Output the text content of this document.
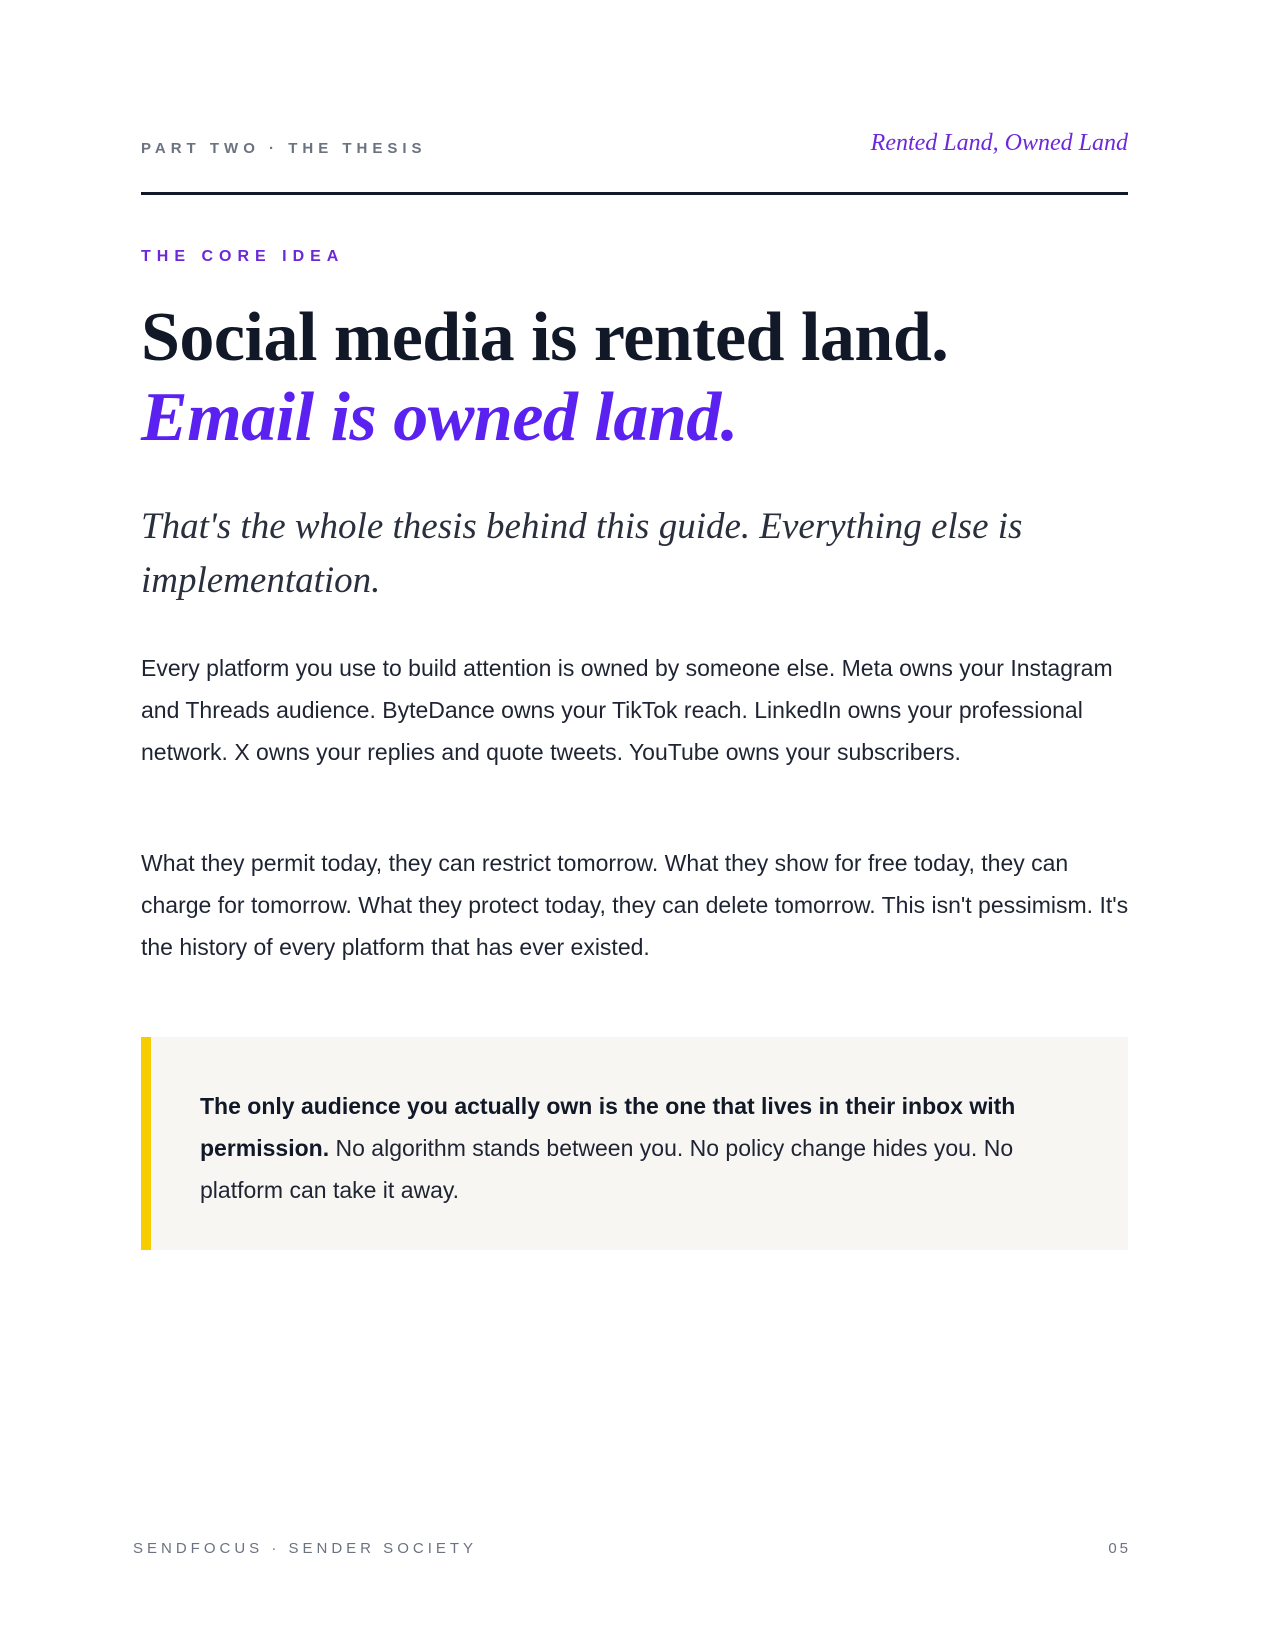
PART TWO · THE THESIS	Rented Land, Owned Land
THE CORE IDEA
Social media is rented land.
Email is owned land.
That's the whole thesis behind this guide. Everything else is implementation.

Every platform you use to build attention is owned by someone else. Meta owns your Instagram and Threads audience. ByteDance owns your TikTok reach. LinkedIn owns your professional network. X owns your replies and quote tweets. YouTube owns your subscribers.

What they permit today, they can restrict tomorrow. What they show for free today, they can charge for tomorrow. What they protect today, they can delete tomorrow. This isn't pessimism. It's the history of every platform that has ever existed.

The only audience you actually own is the one that lives in their inbox with permission. No algorithm stands between you. No policy change hides you. No platform can take it away.

SENDFOCUS · SENDER SOCIETY	05
